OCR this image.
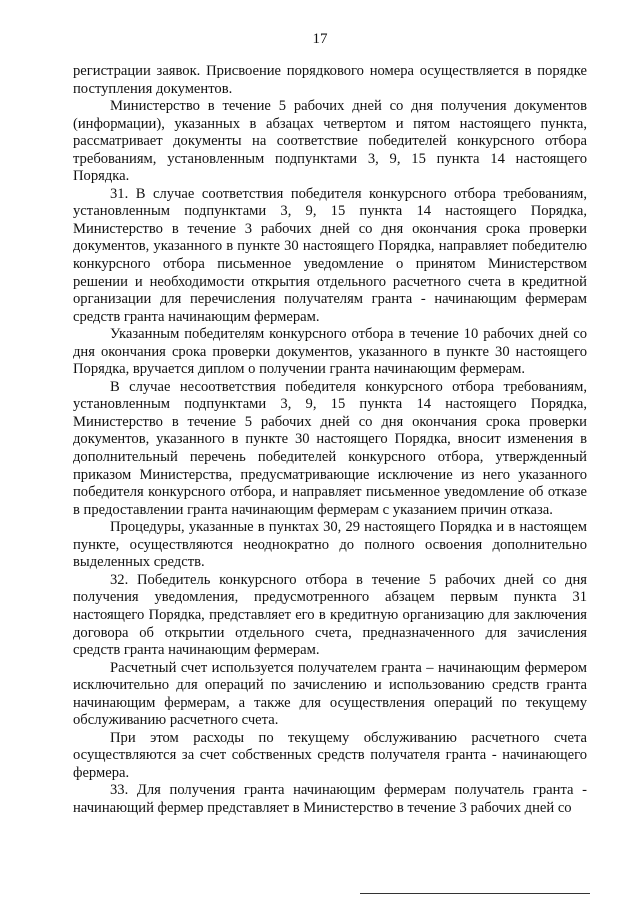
17

регистрации заявок. Присвоение порядкового номера осуществляется в порядке поступления документов.

Министерство в течение 5 рабочих дней со дня получения документов (информации), указанных в абзацах четвертом и пятом настоящего пункта, рассматривает документы на соответствие победителей конкурсного отбора требованиям, установленным подпунктами 3, 9, 15 пункта 14 настоящего Порядка.

31. В случае соответствия победителя конкурсного отбора требованиям, установленным подпунктами 3, 9, 15 пункта 14 настоящего Порядка, Министерство в течение 3 рабочих дней со дня окончания срока проверки документов, указанного в пункте 30 настоящего Порядка, направляет победителю конкурсного отбора письменное уведомление о принятом Министерством решении и необходимости открытия отдельного расчетного счета в кредитной организации для перечисления получателям гранта - начинающим фермерам средств гранта начинающим фермерам.

Указанным победителям конкурсного отбора в течение 10 рабочих дней со дня окончания срока проверки документов, указанного в пункте 30 настоящего Порядка, вручается диплом о получении гранта начинающим фермерам.

В случае несоответствия победителя конкурсного отбора требованиям, установленным подпунктами 3, 9, 15 пункта 14 настоящего Порядка, Министерство в течение 5 рабочих дней со дня окончания срока проверки документов, указанного в пункте 30 настоящего Порядка, вносит изменения в дополнительный перечень победителей конкурсного отбора, утвержденный приказом Министерства, предусматривающие исключение из него указанного победителя конкурсного отбора, и направляет письменное уведомление об отказе в предоставлении гранта начинающим фермерам с указанием причин отказа.

Процедуры, указанные в пунктах 30, 29 настоящего Порядка и в настоящем пункте, осуществляются неоднократно до полного освоения дополнительно выделенных средств.

32. Победитель конкурсного отбора в течение 5 рабочих дней со дня получения уведомления, предусмотренного абзацем первым пункта 31 настоящего Порядка, представляет его в кредитную организацию для заключения договора об открытии отдельного счета, предназначенного для зачисления средств гранта начинающим фермерам.

Расчетный счет используется получателем гранта – начинающим фермером исключительно для операций по зачислению и использованию средств гранта начинающим фермерам, а также для осуществления операций по текущему обслуживанию расчетного счета.

При этом расходы по текущему обслуживанию расчетного счета осуществляются за счет собственных средств получателя гранта - начинающего фермера.

33. Для получения гранта начинающим фермерам получатель гранта - начинающий фермер представляет в Министерство в течение 3 рабочих дней со
